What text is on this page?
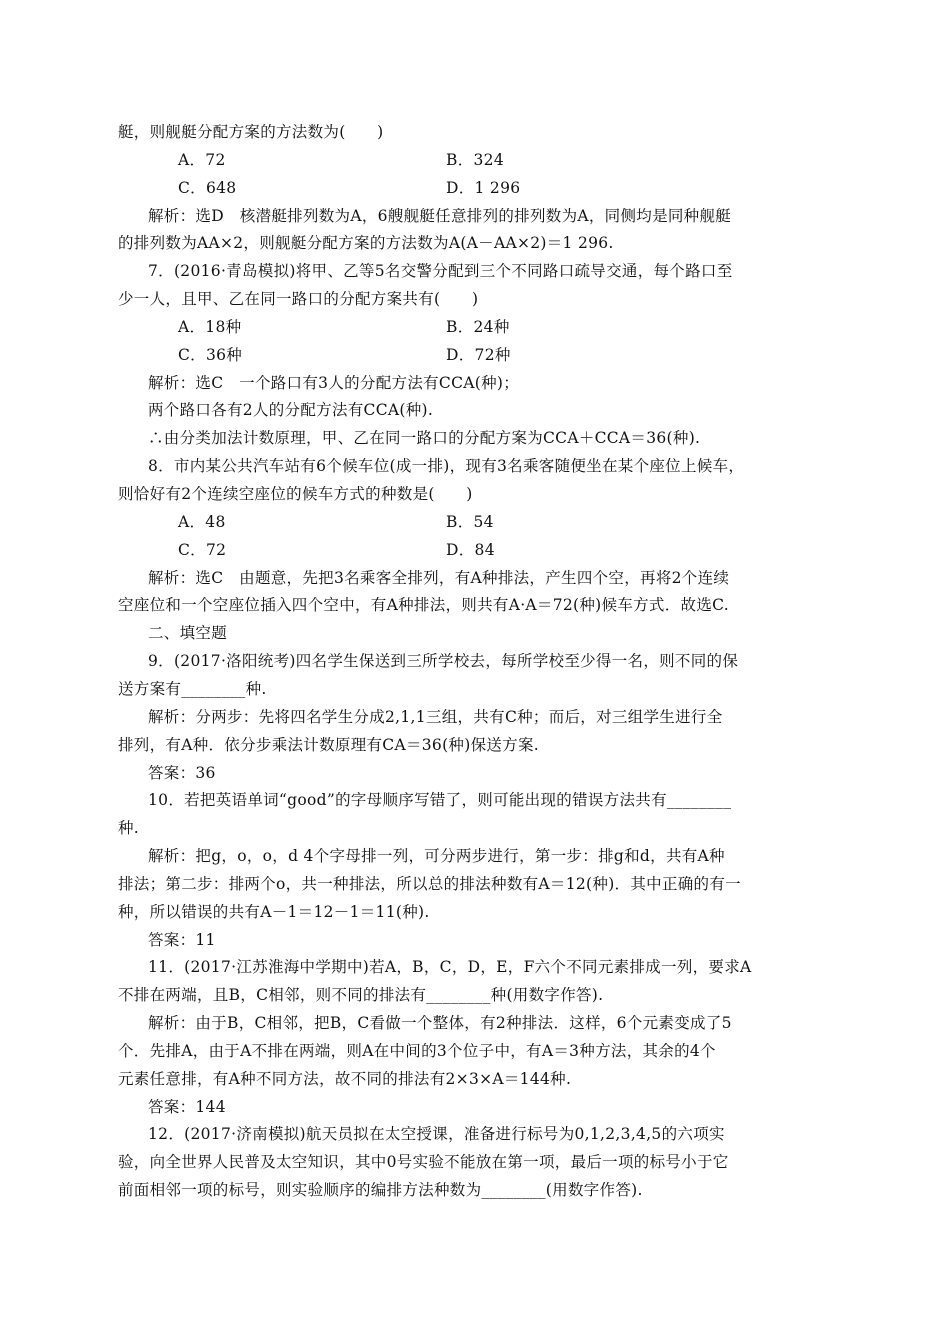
艇，则舰艇分配方案的方法数为(　　)
A．72	B．324
C．648	D．1 296
解析：选D　核潜艇排列数为A，6艘舰艇任意排列的排列数为A，同侧均是同种舰艇
的排列数为AA×2，则舰艇分配方案的方法数为A(A－AA×2)＝1 296.
7．(2016·青岛模拟)将甲、乙等5名交警分配到三个不同路口疏导交通，每个路口至
少一人，且甲、乙在同一路口的分配方案共有(　　)
A．18种	B．24种
C．36种	D．72种
解析：选C　一个路口有3人的分配方法有CCA(种)；
两个路口各有2人的分配方法有CCA(种).
∴由分类加法计数原理，甲、乙在同一路口的分配方案为CCA＋CCA＝36(种).
8．市内某公共汽车站有6个候车位(成一排)，现有3名乘客随便坐在某个座位上候车，
则恰好有2个连续空座位的候车方式的种数是(　　)
A．48	B．54
C．72	D．84
解析：选C　由题意，先把3名乘客全排列，有A种排法，产生四个空，再将2个连续
空座位和一个空座位插入四个空中，有A种排法，则共有A·A＝72(种)候车方式．故选C.
二、填空题
9．(2017·洛阳统考)四名学生保送到三所学校去，每所学校至少得一名，则不同的保
送方案有________种.
解析：分两步：先将四名学生分成2,1,1三组，共有C种；而后，对三组学生进行全
排列，有A种．依分步乘法计数原理有CA＝36(种)保送方案.
答案：36
10．若把英语单词“good”的字母顺序写错了，则可能出现的错误方法共有________
种.
解析：把g，o，o，d 4个字母排一列，可分两步进行，第一步：排g和d，共有A种
排法；第二步：排两个o，共一种排法，所以总的排法种数有A＝12(种)．其中正确的有一
种，所以错误的共有A－1＝12－1＝11(种).
答案：11
11．(2017·江苏淮海中学期中)若A，B，C，D，E，F六个不同元素排成一列，要求A
不排在两端，且B，C相邻，则不同的排法有________种(用数字作答).
解析：由于B，C相邻，把B，C看做一个整体，有2种排法．这样，6个元素变成了5
个．先排A，由于A不排在两端，则A在中间的3个位子中，有A＝3种方法，其余的4个
元素任意排，有A种不同方法，故不同的排法有2×3×A＝144种.
答案：144
12．(2017·济南模拟)航天员拟在太空授课，准备进行标号为0,1,2,3,4,5的六项实
验，向全世界人民普及太空知识，其中0号实验不能放在第一项，最后一项的标号小于它
前面相邻一项的标号，则实验顺序的编排方法种数为________(用数字作答).
